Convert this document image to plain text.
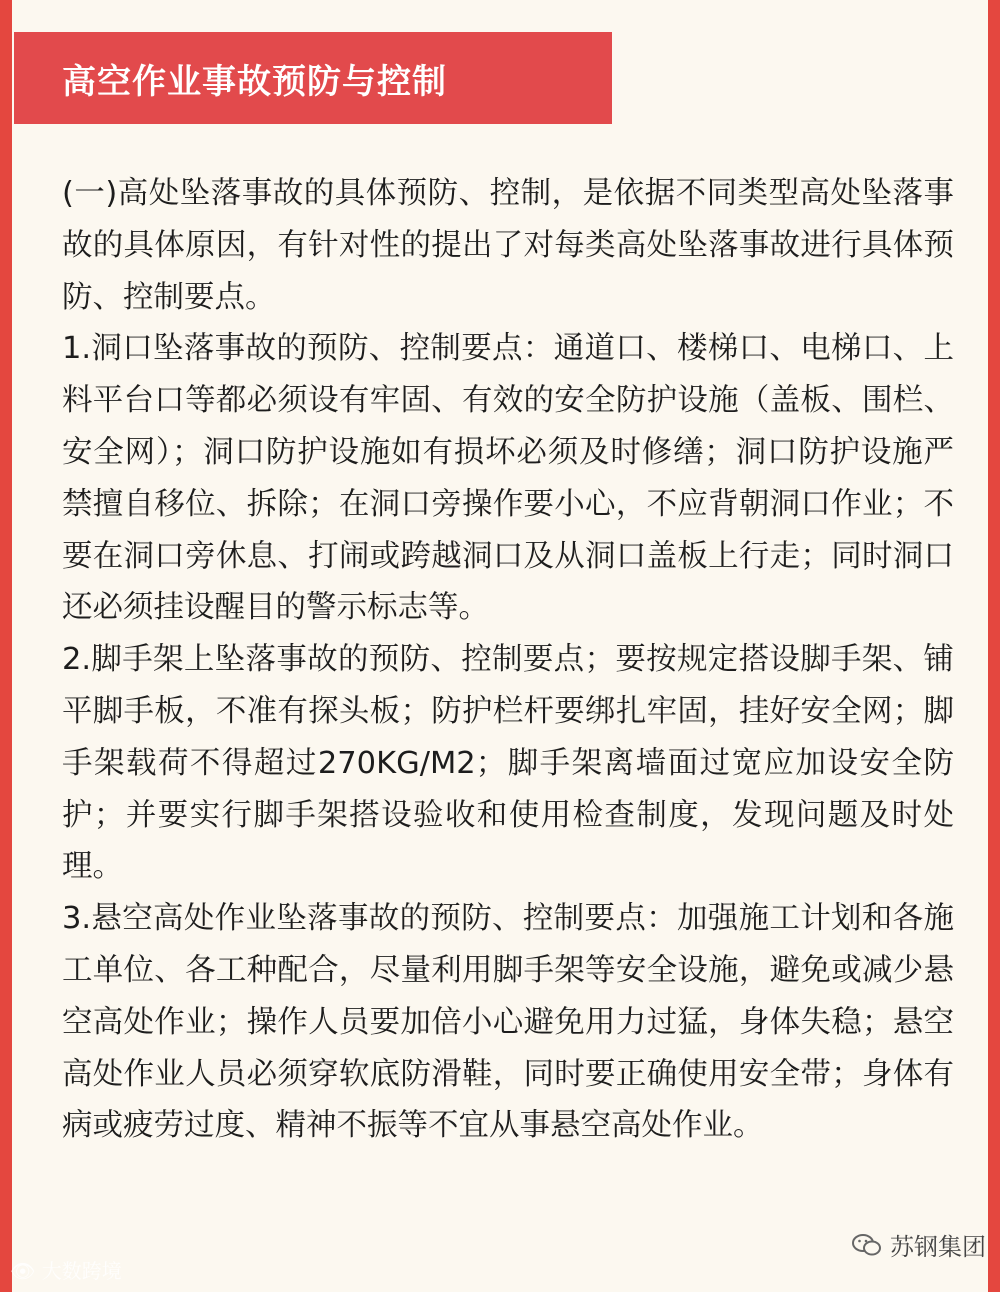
高空作业事故预防与控制

(一)高处坠落事故的具体预防、控制，是依据不同类型高处坠落事故的具体原因，有针对性的提出了对每类高处坠落事故进行具体预防、控制要点。

1.洞口坠落事故的预防、控制要点：通道口、楼梯口、电梯口、上料平台口等都必须设有牢固、有效的安全防护设施（盖板、围栏、安全网）；洞口防护设施如有损坏必须及时修缮；洞口防护设施严禁擅自移位、拆除；在洞口旁操作要小心，不应背朝洞口作业；不要在洞口旁休息、打闹或跨越洞口及从洞口盖板上行走；同时洞口还必须挂设醒目的警示标志等。

2.脚手架上坠落事故的预防、控制要点；要按规定搭设脚手架、铺平脚手板，不准有探头板；防护栏杆要绑扎牢固，挂好安全网；脚手架载荷不得超过270KG/M2；脚手架离墙面过宽应加设安全防护；并要实行脚手架搭设验收和使用检查制度，发现问题及时处理。

3.悬空高处作业坠落事故的预防、控制要点：加强施工计划和各施工单位、各工种配合，尽量利用脚手架等安全设施，避免或减少悬空高处作业；操作人员要加倍小心避免用力过猛，身体失稳；悬空高处作业人员必须穿软底防滑鞋，同时要正确使用安全带；身体有病或疲劳过度、精神不振等不宜从事悬空高处作业。

👁 大数跨境
苏钢集团
